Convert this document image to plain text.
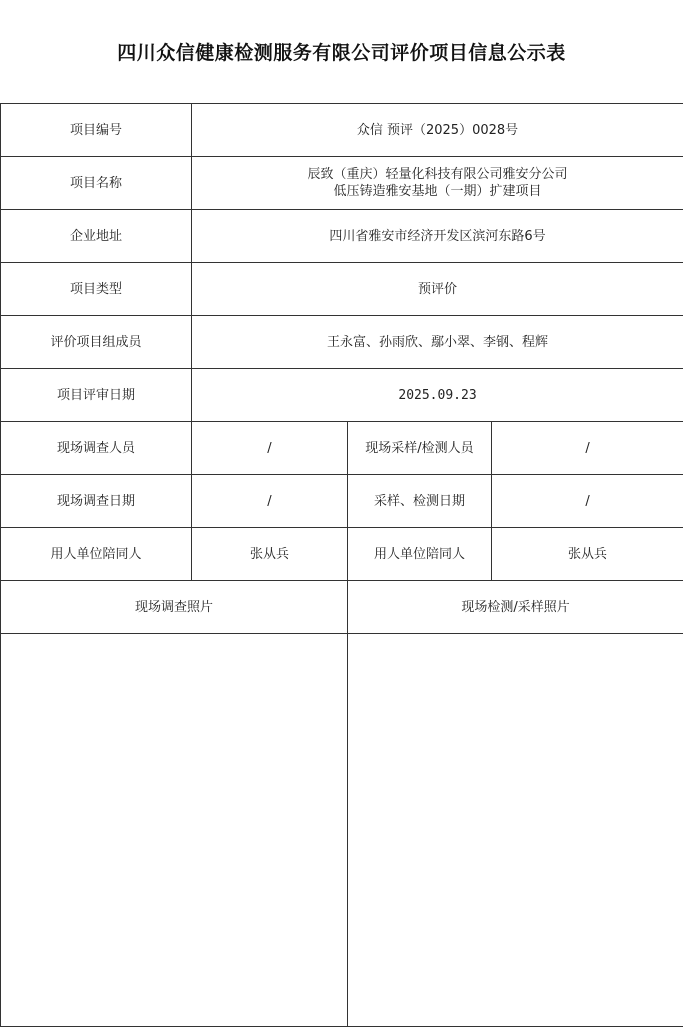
四川众信健康检测服务有限公司评价项目信息公示表
项目编号	众信 预评（2025）0028号		
项目名称	辰致（重庆）轻量化科技有限公司雅安分公司
低压铸造雅安基地（一期）扩建项目		

企业地址	四川省雅安市经济开发区滨河东路6号		
项目类型	预评价		
评价项目组成员	王永富、孙雨欣、鄢小翠、李钢、程辉		
项目评审日期	2025.09.23		
现场调查人员	/	现场采样/检测人员	/
现场调查日期	/	采样、检测日期	/
用人单位陪同人	张从兵	用人单位陪同人	张从兵
现场调查照片		现场检测/采样照片	
